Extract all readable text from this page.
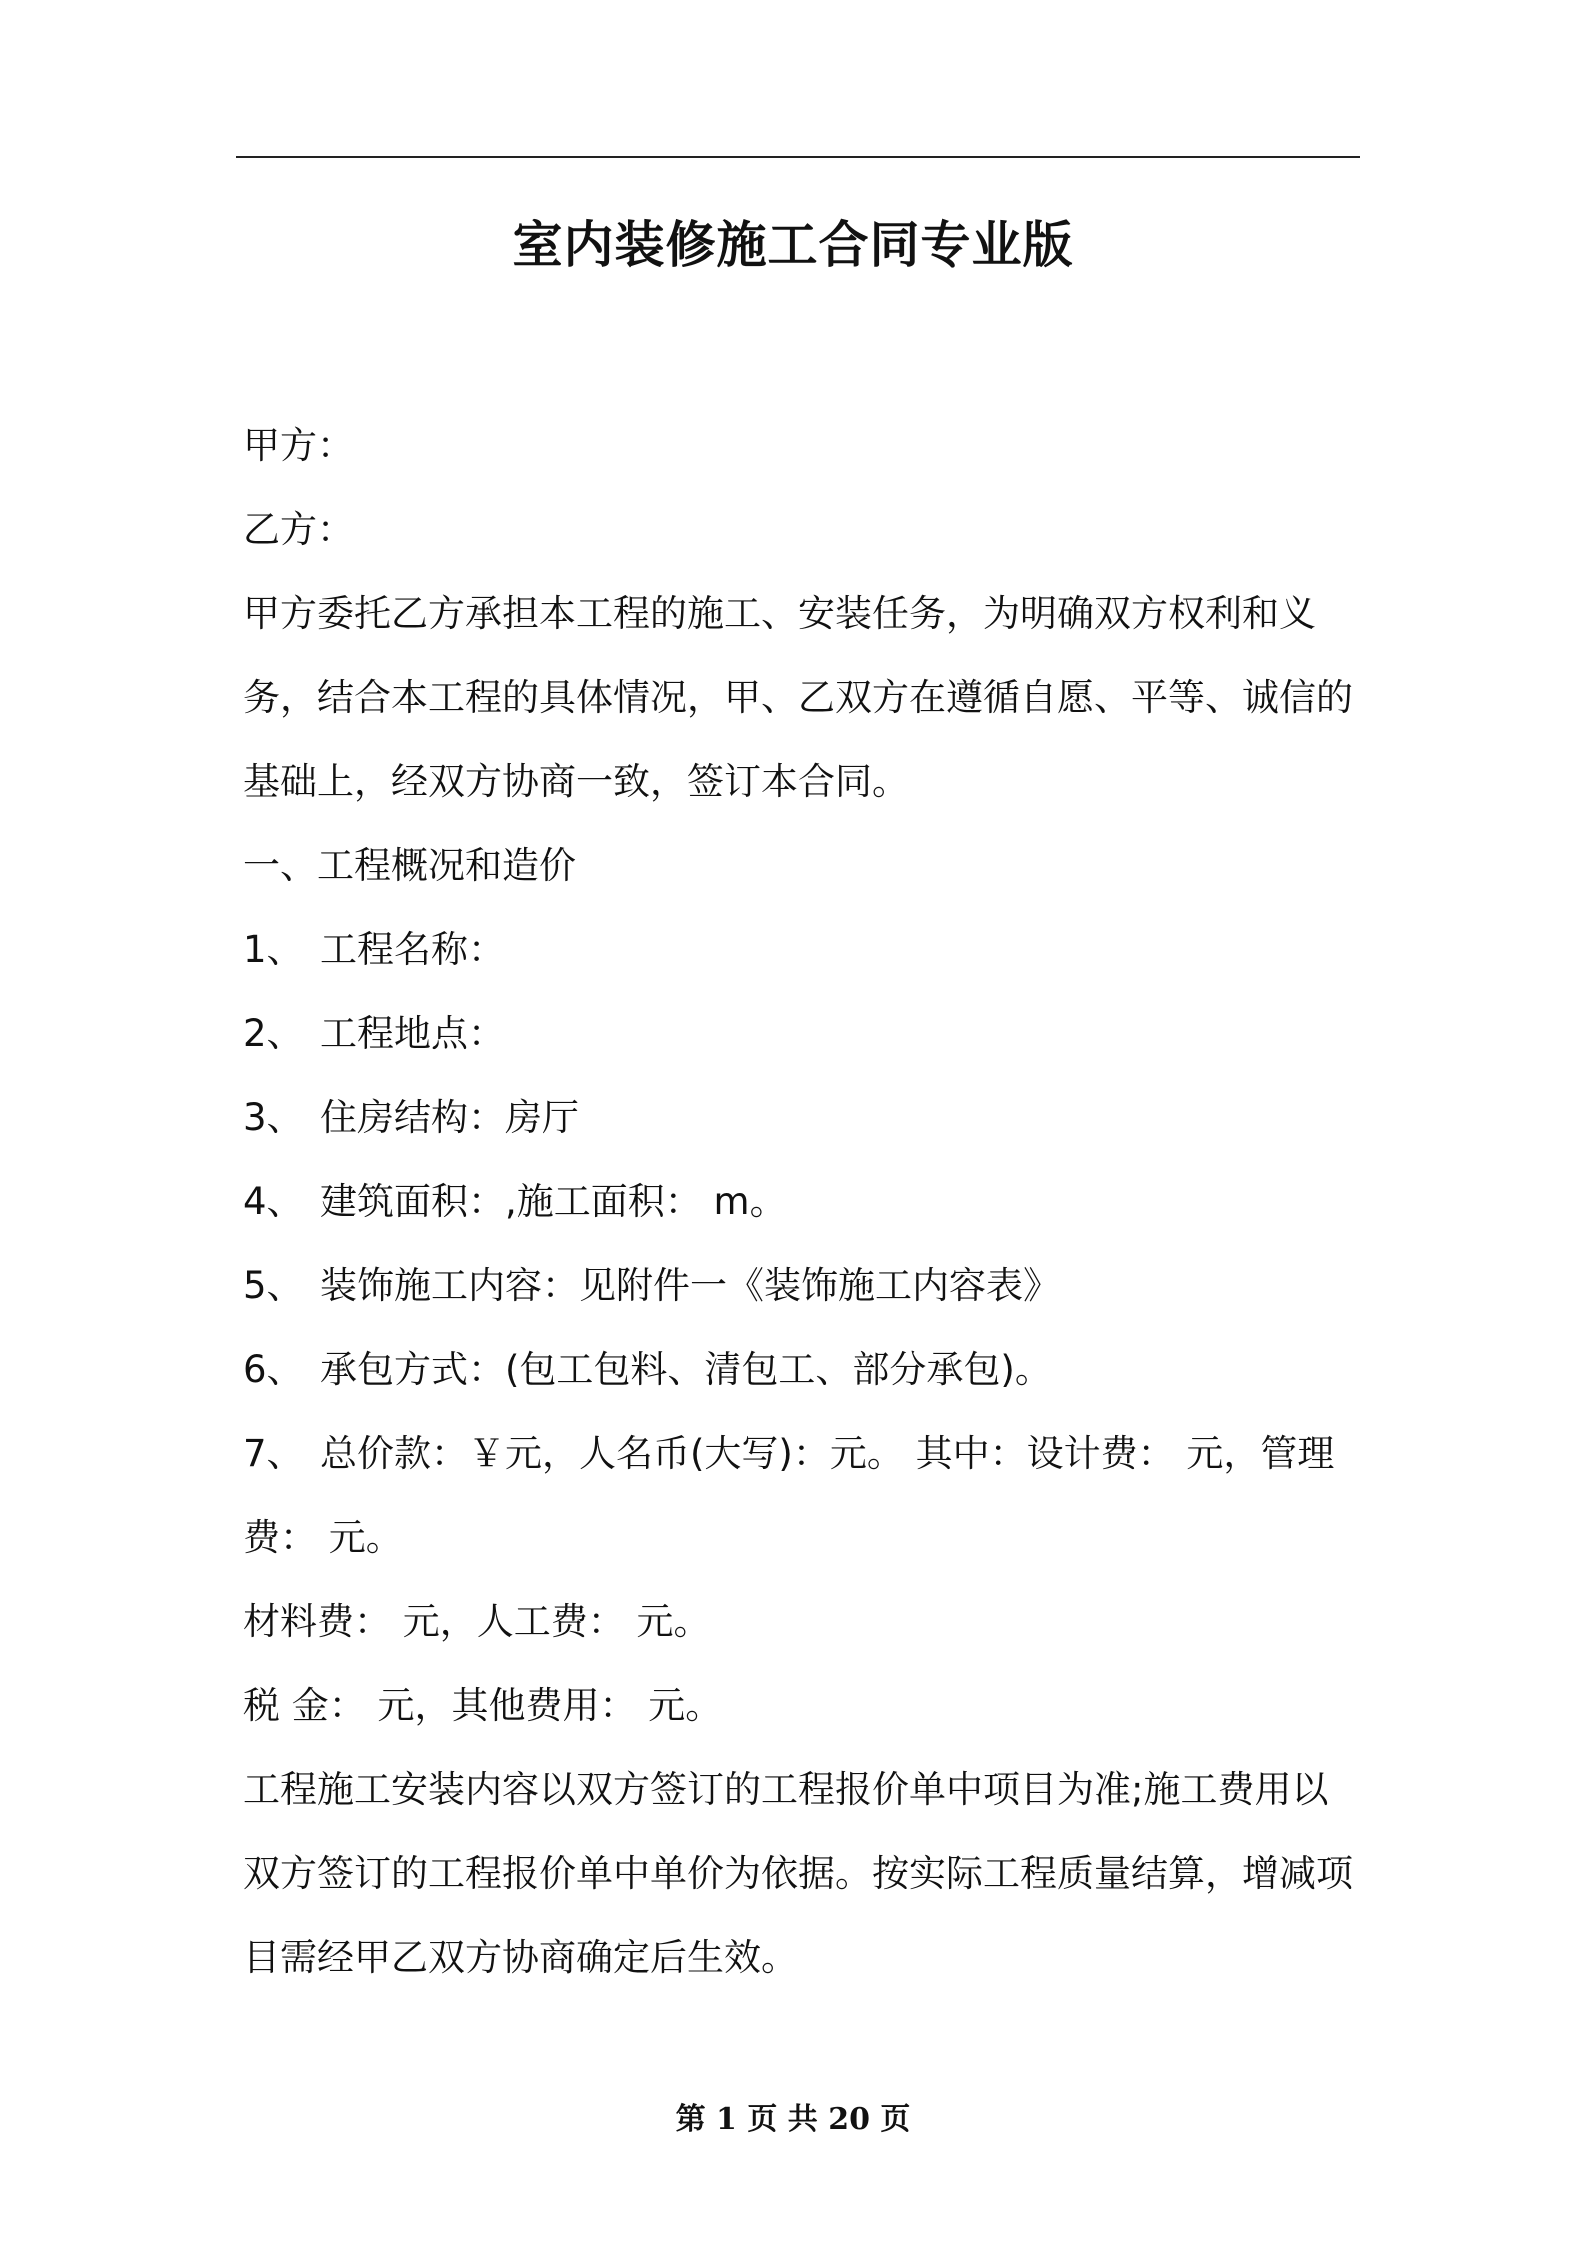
室内装修施工合同专业版

甲方：

乙方：

甲方委托乙方承担本工程的施工、安装任务，为明确双方权利和义务，结合本工程的具体情况，甲、乙双方在遵循自愿、平等、诚信的基础上，经双方协商一致，签订本合同。

一、工程概况和造价

1、 工程名称：

2、 工程地点：

3、 住房结构：房厅

4、 建筑面积：,施工面积： m。

5、 装饰施工内容：见附件一《装饰施工内容表》

6、 承包方式：(包工包料、清包工、部分承包)。

7、 总价款：￥元，人名币(大写)：元。 其中：设计费： 元，管理费： 元。

材料费： 元，人工费： 元。

税 金： 元，其他费用： 元。

工程施工安装内容以双方签订的工程报价单中项目为准;施工费用以双方签订的工程报价单中单价为依据。按实际工程质量结算，增减项目需经甲乙双方协商确定后生效。

第 1 页 共 20 页
